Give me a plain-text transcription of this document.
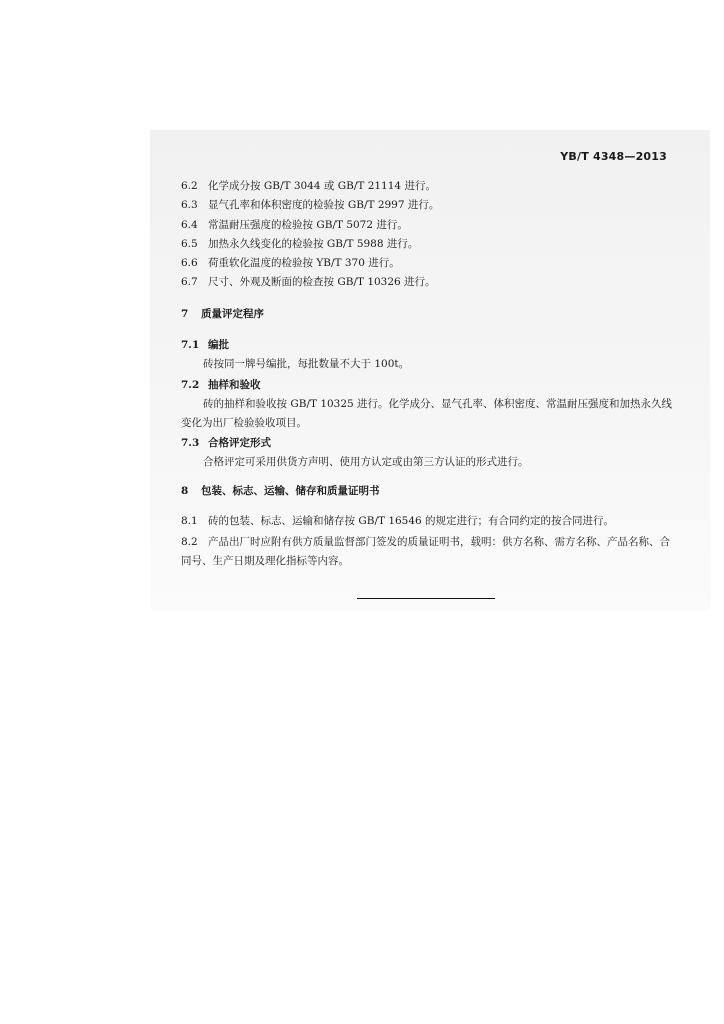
YB/T 4348—2013
6.2 化学成分按 GB/T 3044 或 GB/T 21114 进行。
6.3 显气孔率和体积密度的检验按 GB/T 2997 进行。
6.4 常温耐压强度的检验按 GB/T 5072 进行。
6.5 加热永久线变化的检验按 GB/T 5988 进行。
6.6 荷重软化温度的检验按 YB/T 370 进行。
6.7 尺寸、外观及断面的检查按 GB/T 10326 进行。
7 质量评定程序
7.1 编批
砖按同一牌号编批，每批数量不大于 100t。
7.2 抽样和验收
砖的抽样和验收按 GB/T 10325 进行。化学成分、显气孔率、体积密度、常温耐压强度和加热永久线
变化为出厂检验验收项目。
7.3 合格评定形式
合格评定可采用供货方声明、使用方认定或由第三方认证的形式进行。
8 包装、标志、运输、储存和质量证明书
8.1 砖的包装、标志、运输和储存按 GB/T 16546 的规定进行；有合同约定的按合同进行。
8.2 产品出厂时应附有供方质量监督部门签发的质量证明书，载明：供方名称、需方名称、产品名称、合
同号、生产日期及理化指标等内容。
